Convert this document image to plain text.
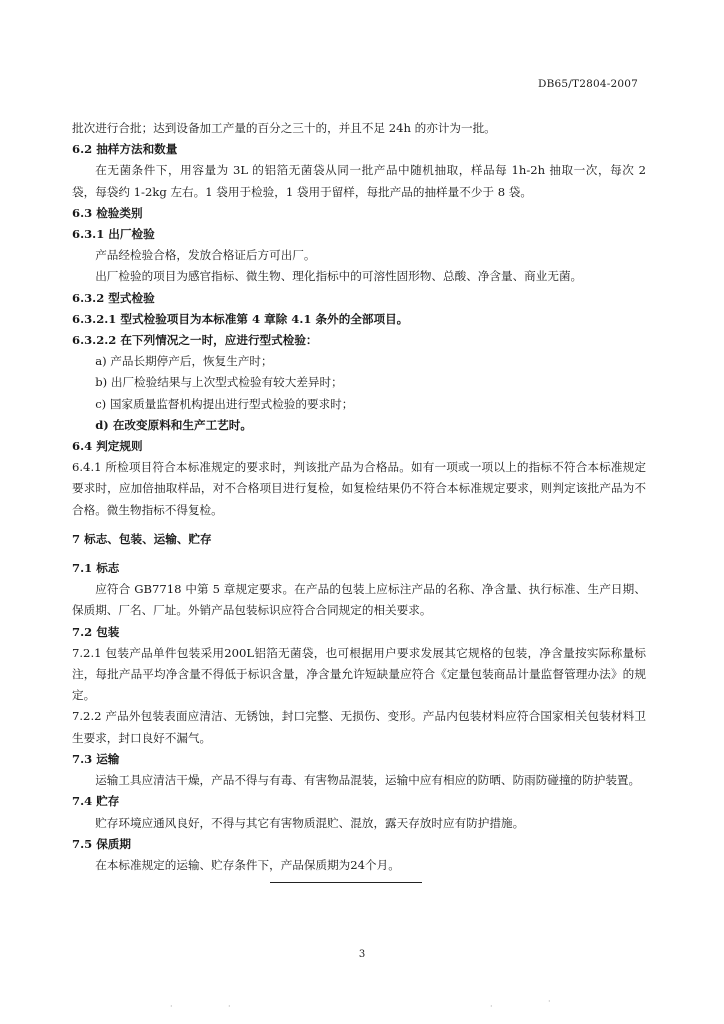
DB65/T2804-2007

批次进行合批；达到设备加工产量的百分之三十的，并且不足 24h 的亦计为一批。

6.2 抽样方法和数量

在无菌条件下，用容量为 3L 的铝箔无菌袋从同一批产品中随机抽取，样品每 1h-2h 抽取一次，每次 2 袋，每袋约 1-2kg 左右。1 袋用于检验，1 袋用于留样，每批产品的抽样量不少于 8 袋。

6.3 检验类别

6.3.1 出厂检验

产品经检验合格，发放合格证后方可出厂。

出厂检验的项目为感官指标、微生物、理化指标中的可溶性固形物、总酸、净含量、商业无菌。

6.3.2 型式检验

6.3.2.1 型式检验项目为本标准第 4 章除 4.1 条外的全部项目。

6.3.2.2 在下列情况之一时，应进行型式检验：

a) 产品长期停产后，恢复生产时；

b) 出厂检验结果与上次型式检验有较大差异时；

c) 国家质量监督机构提出进行型式检验的要求时；

d) 在改变原料和生产工艺时。

6.4 判定规则

6.4.1 所检项目符合本标准规定的要求时，判该批产品为合格品。如有一项或一项以上的指标不符合本标准规定要求时，应加倍抽取样品，对不合格项目进行复检，如复检结果仍不符合本标准规定要求，则判定该批产品为不合格。微生物指标不得复检。

7 标志、包装、运输、贮存

7.1 标志

应符合 GB7718 中第 5 章规定要求。在产品的包装上应标注产品的名称、净含量、执行标准、生产日期、保质期、厂名、厂址。外销产品包装标识应符合合同规定的相关要求。

7.2 包装

7.2.1 包装产品单件包装采用200L铝箔无菌袋，也可根据用户要求发展其它规格的包装，净含量按实际称量标注，每批产品平均净含量不得低于标识含量，净含量允许短缺量应符合《定量包装商品计量监督管理办法》的规定。

7.2.2 产品外包装表面应清洁、无锈蚀，封口完整、无损伤、变形。产品内包装材料应符合国家相关包装材料卫生要求，封口良好不漏气。

7.3 运输

运输工具应清洁干燥，产品不得与有毒、有害物品混装，运输中应有相应的防晒、防雨防碰撞的防护装置。

7.4 贮存

贮存环境应通风良好，不得与其它有害物质混贮、混放，露天存放时应有防护措施。

7.5 保质期

在本标准规定的运输、贮存条件下，产品保质期为24个月。

3
·	·	·
·
